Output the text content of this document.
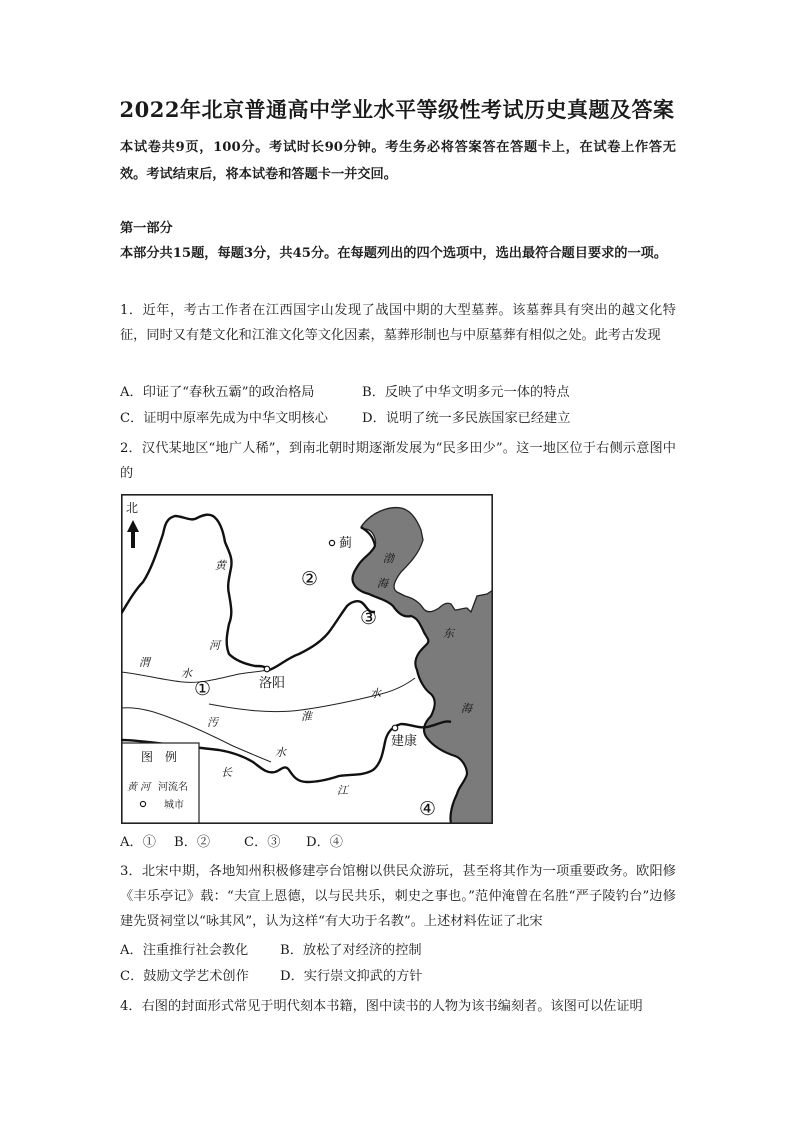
2022年北京普通高中学业水平等级性考试历史真题及答案
本试卷共9页，100分。考试时长90分钟。考生务必将答案答在答题卡上，在试卷上作答无效。考试结束后，将本试卷和答题卡一并交回。
第一部分
本部分共15题，每题3分，共45分。在每题列出的四个选项中，选出最符合题目要求的一项。
1．近年，考古工作者在江西国字山发现了战国中期的大型墓葬。该墓葬具有突出的越文化特征，同时又有楚文化和江淮文化等文化因素，墓葬形制也与中原墓葬有相似之处。此考古发现
A．印证了“春秋五霸”的政治格局	B．反映了中华文明多元一体的特点
C．证明中原率先成为中华文明核心	D．说明了统一多民族国家已经建立
2．汉代某地区“地广人稀”，到南北朝时期逐渐发展为“民多田少”。这一地区位于右侧示意图中的
北
蓟
洛阳
建康
①
②
③
④
黄
河
渭
水
淮
水
汚
水
长
江
渤
海
东
海
图　例
黄 河 河流名
城市
A．① B．②	C．③ D．④
3．北宋中期，各地知州积极修建亭台馆榭以供民众游玩，甚至将其作为一项重要政务。欧阳修《丰乐亭记》载：“夫宣上恩德，以与民共乐，刺史之事也。”范仲淹曾在名胜“严子陵钓台”边修建先贤祠堂以“咏其风”，认为这样“有大功于名教”。上述材料佐证了北宋
A．注重推行社会教化 B．放松了对经济的控制
C．鼓励文学艺术创作 D．实行崇文抑武的方针
4．右图的封面形式常见于明代刻本书籍，图中读书的人物为该书编刻者。该图可以佐证明
